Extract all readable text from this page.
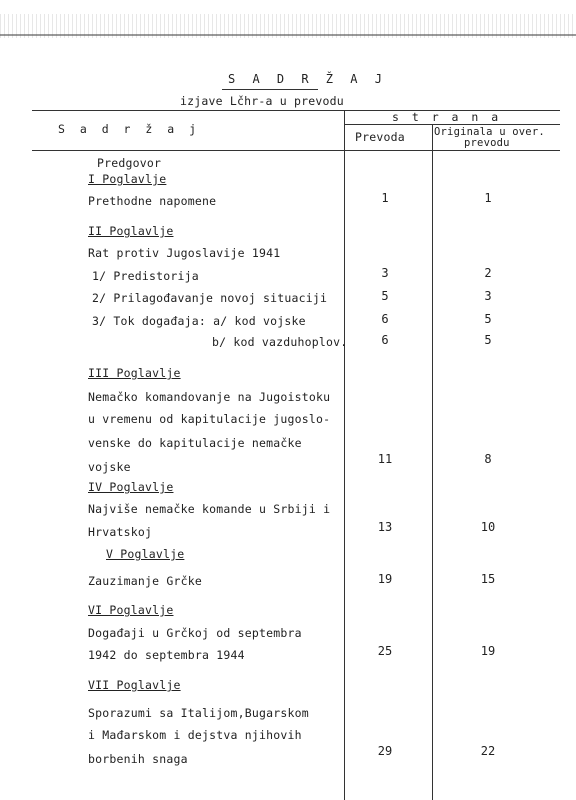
S A D R Ž A J
izjave Lčhr-a u prevodu
S a d r ž a j
s t r a n a
Prevoda	Originala u over.
prevodu
Predgovor
I Poglavlje
Prethodne napomene	1	1
II Poglavlje
Rat protiv Jugoslavije 1941
1/ Predistorija	3	2
2/ Prilagođavanje novoj situaciji	5	3
3/ Tok događaja: a/ kod vojske	6	5
b/ kod vazduhoplov.	6	5
III Poglavlje
Nemačko komandovanje na Jugoistoku
u vremenu od kapitulacije jugoslo-
venske do kapitulacije nemačke
vojske
11	8
IV Poglavlje
Najviše nemačke komande u Srbiji i
Hrvatskoj	13	10
V Poglavlje
Zauzimanje Grčke	19	15
VI Poglavlje
Događaji u Grčkoj od septembra
1942 do septembra 1944	25	19
VII Poglavlje
Sporazumi sa Italijom,Bugarskom
i Mađarskom i dejstva njihovih
borbenih snaga
29	22
